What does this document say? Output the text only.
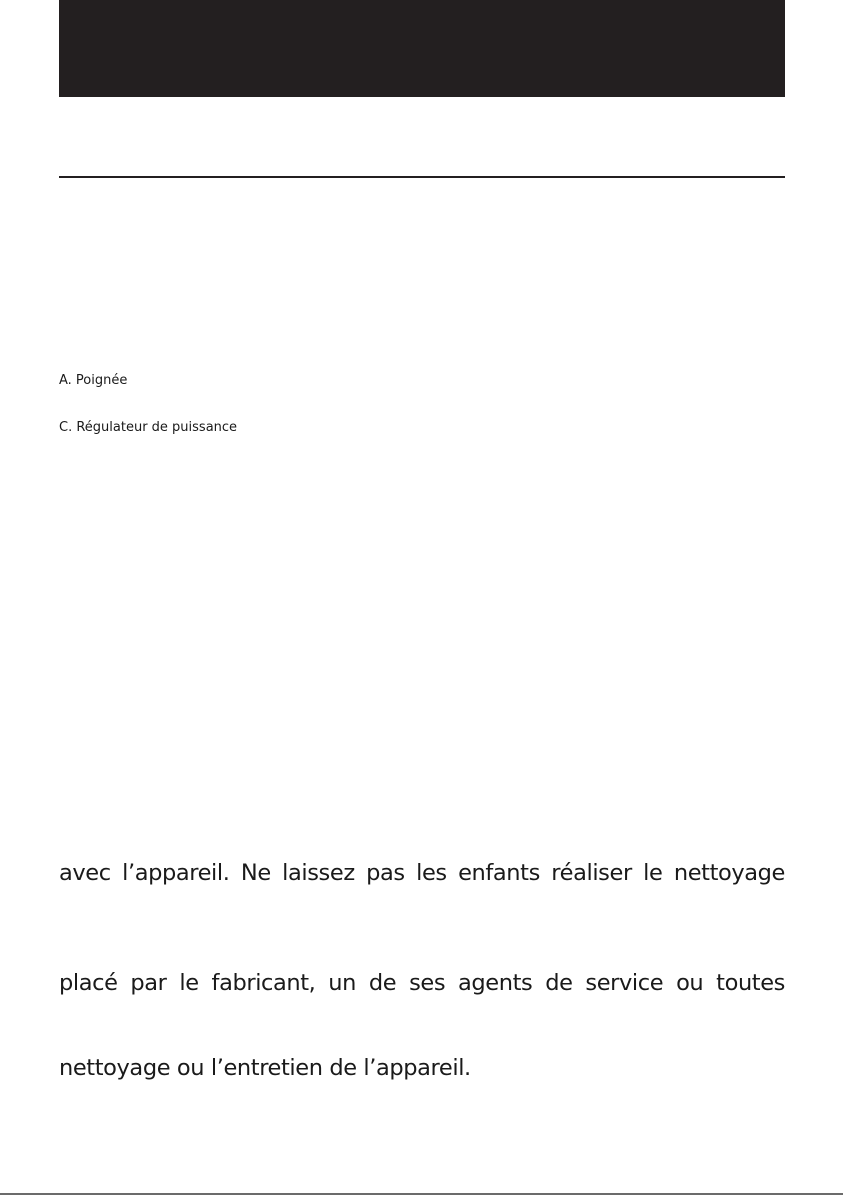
A. Poignée
C. Régulateur de puissance

avec l’appareil. Ne laissez pas les enfants réaliser le nettoyage

placé par le fabricant, un de ses agents de service ou toutes

nettoyage ou l’entretien de l’appareil.
